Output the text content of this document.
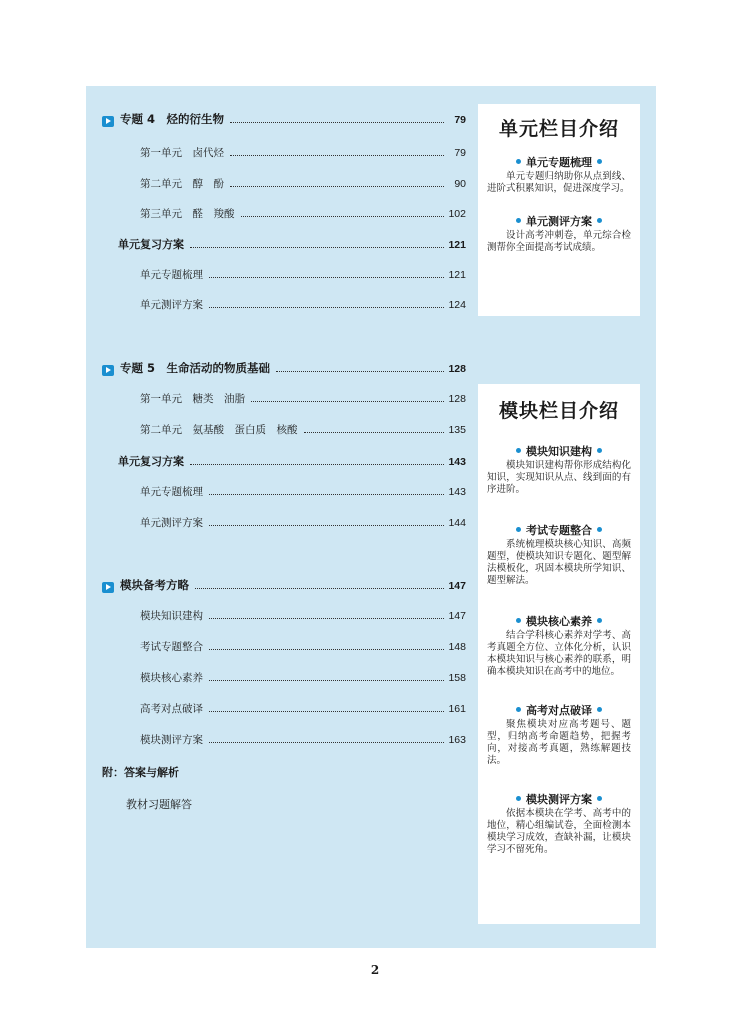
专题 4　烃的衍生物	79
第一单元　卤代烃	79
第二单元　醇　酚	90
第三单元　醛　羧酸	102
单元复习方案	121
单元专题梳理	121
单元测评方案	124
专题 5　生命活动的物质基础	128
第一单元　糖类　油脂	128
第二单元　氨基酸　蛋白质　核酸	135
单元复习方案	143
单元专题梳理	143
单元测评方案	144
模块备考方略	147
模块知识建构	147
考试专题整合	148
模块核心素养	158
高考对点破译	161
模块测评方案	163
附：答案与解析
教材习题解答
单元栏目介绍
单元专题梳理

单元专题归纳助你从点到线、进阶式积累知识，促进深度学习。

单元测评方案

设计高考冲刺卷，单元综合检测帮你全面提高考试成绩。

模块栏目介绍
模块知识建构

模块知识建构帮你形成结构化知识，实现知识从点、线到面的有序进阶。

考试专题整合

系统梳理模块核心知识、高频题型，使模块知识专题化、题型解法模板化，巩固本模块所学知识、题型解法。

模块核心素养

结合学科核心素养对学考、高考真题全方位、立体化分析，认识本模块知识与核心素养的联系，明确本模块知识在高考中的地位。

高考对点破译

聚焦模块对应高考题号、题型，归纳高考命题趋势，把握考向，对接高考真题，熟练解题技法。

模块测评方案

依据本模块在学考、高考中的地位，精心组编试卷，全面检测本模块学习成效，查缺补漏，让模块学习不留死角。

2
